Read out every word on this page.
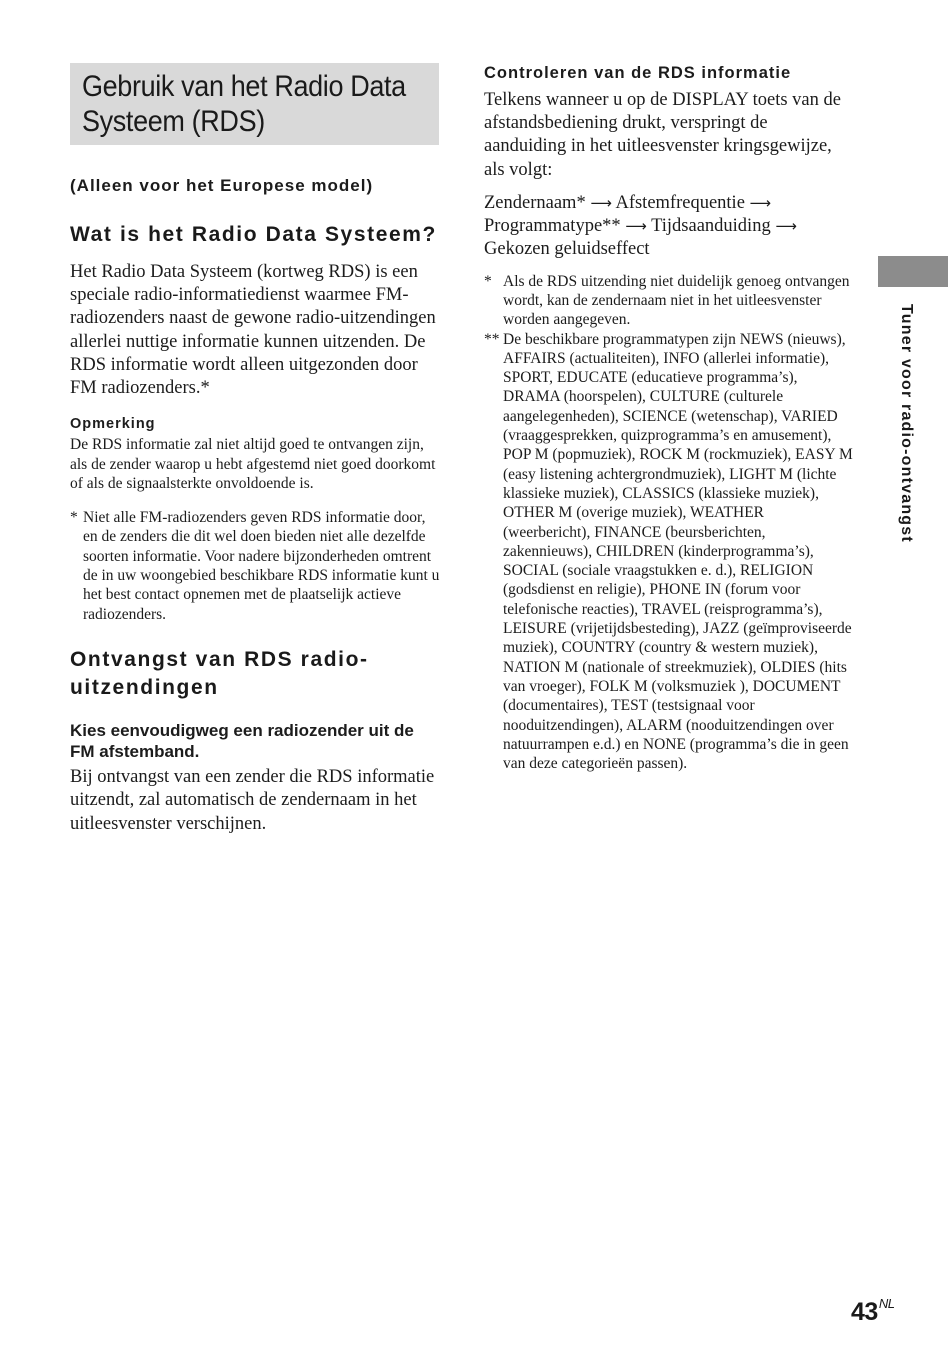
Gebruik van het Radio Data Systeem (RDS)

(Alleen voor het Europese model)

Wat is het Radio Data Systeem?

Het Radio Data Systeem (kortweg RDS) is een speciale radio-informatiedienst waarmee FM-radiozenders naast de gewone radio-uitzendingen allerlei nuttige informatie kunnen uitzenden. De RDS informatie wordt alleen uitgezonden door FM radiozenders.*

Opmerking

De RDS informatie zal niet altijd goed te ontvangen zijn, als de zender waarop u hebt afgestemd niet goed doorkomt of als de signaalsterkte onvoldoende is.

* Niet alle FM-radiozenders geven RDS informatie door, en de zenders die dit wel doen bieden niet alle dezelfde soorten informatie. Voor nadere bijzonderheden omtrent de in uw woongebied beschikbare RDS informatie kunt u het best contact opnemen met de plaatselijk actieve radiozenders.
Ontvangst van RDS radio-uitzendingen

Kies eenvoudigweg een radiozender uit de FM afstemband.

Bij ontvangst van een zender die RDS informatie uitzendt, zal automatisch de zendernaam in het uitleesvenster verschijnen.

Controleren van de RDS informatie

Telkens wanneer u op de DISPLAY toets van de afstandsbediening drukt, verspringt de aanduiding in het uitleesvenster kringsgewijze, als volgt:

Zendernaam* ⟶ Afstemfrequentie ⟶
Programmatype** ⟶ Tijdsaanduiding ⟶
Gekozen geluidseffect
* Als de RDS uitzending niet duidelijk genoeg ontvangen wordt, kan de zendernaam niet in het uitleesvenster worden aangegeven.
** De beschikbare programmatypen zijn NEWS (nieuws), AFFAIRS (actualiteiten), INFO (allerlei informatie), SPORT, EDUCATE (educatieve programma’s), DRAMA (hoorspelen), CULTURE (culturele aangelegenheden), SCIENCE (wetenschap), VARIED (vraaggesprekken, quizprogramma’s en amusement), POP M (popmuziek), ROCK M (rockmuziek), EASY M (easy listening achtergrondmuziek), LIGHT M (lichte klassieke muziek), CLASSICS (klassieke muziek), OTHER M (overige muziek), WEATHER (weerbericht), FINANCE (beursberichten, zakennieuws), CHILDREN (kinderprogramma’s), SOCIAL (sociale vraagstukken e. d.), RELIGION (godsdienst en religie), PHONE IN (forum voor telefonische reacties), TRAVEL (reisprogramma’s), LEISURE (vrijetijdsbesteding), JAZZ (geïmproviseerde muziek), COUNTRY (country & western muziek), NATION M (nationale of streekmuziek), OLDIES (hits van vroeger), FOLK M (volksmuziek ), DOCUMENT (documentaires), TEST (testsignaal voor nooduitzendingen), ALARM (nooduitzendingen over natuurrampen e.d.) en NONE (programma’s die in geen van deze categorieën passen).
Tuner voor radio-ontvangst
$43^{NL}$
